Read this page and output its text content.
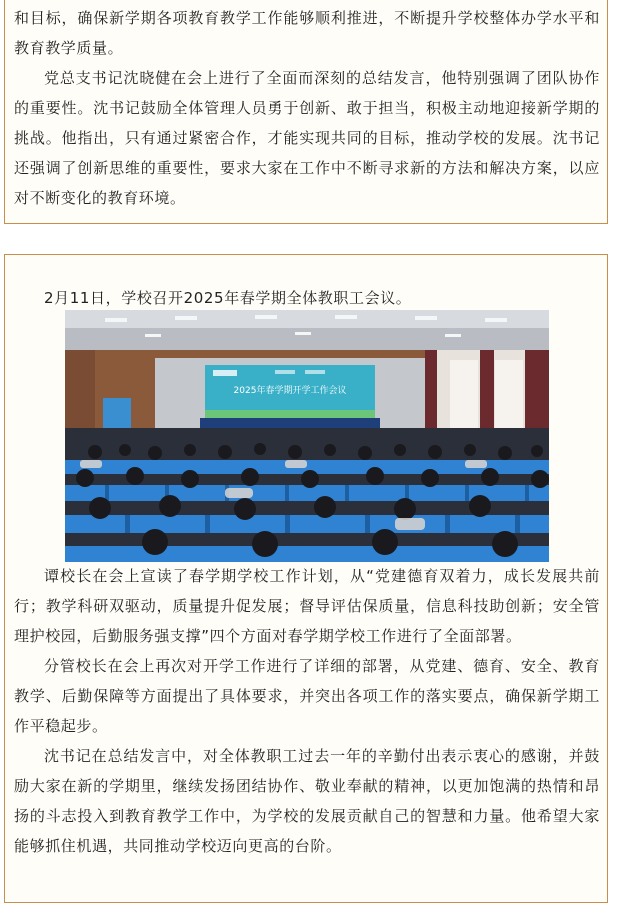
和目标，确保新学期各项教育教学工作能够顺利推进，不断提升学校整体办学水平和教育教学质量。

党总支书记沈晓健在会上进行了全面而深刻的总结发言，他特别强调了团队协作的重要性。沈书记鼓励全体管理人员勇于创新、敢于担当，积极主动地迎接新学期的挑战。他指出，只有通过紧密合作，才能实现共同的目标，推动学校的发展。沈书记还强调了创新思维的重要性，要求大家在工作中不断寻求新的方法和解决方案，以应对不断变化的教育环境。

2月11日，学校召开2025年春学期全体教职工会议。

2025年春学期开学工作会议

谭校长在会上宣读了春学期学校工作计划，从“党建德育双着力，成长发展共前行；教学科研双驱动，质量提升促发展；督导评估保质量，信息科技助创新；安全管理护校园，后勤服务强支撑”四个方面对春学期学校工作进行了全面部署。

分管校长在会上再次对开学工作进行了详细的部署，从党建、德育、安全、教育教学、后勤保障等方面提出了具体要求，并突出各项工作的落实要点，确保新学期工作平稳起步。

沈书记在总结发言中，对全体教职工过去一年的辛勤付出表示衷心的感谢，并鼓励大家在新的学期里，继续发扬团结协作、敬业奉献的精神，以更加饱满的热情和昂扬的斗志投入到教育教学工作中，为学校的发展贡献自己的智慧和力量。他希望大家能够抓住机遇，共同推动学校迈向更高的台阶。
